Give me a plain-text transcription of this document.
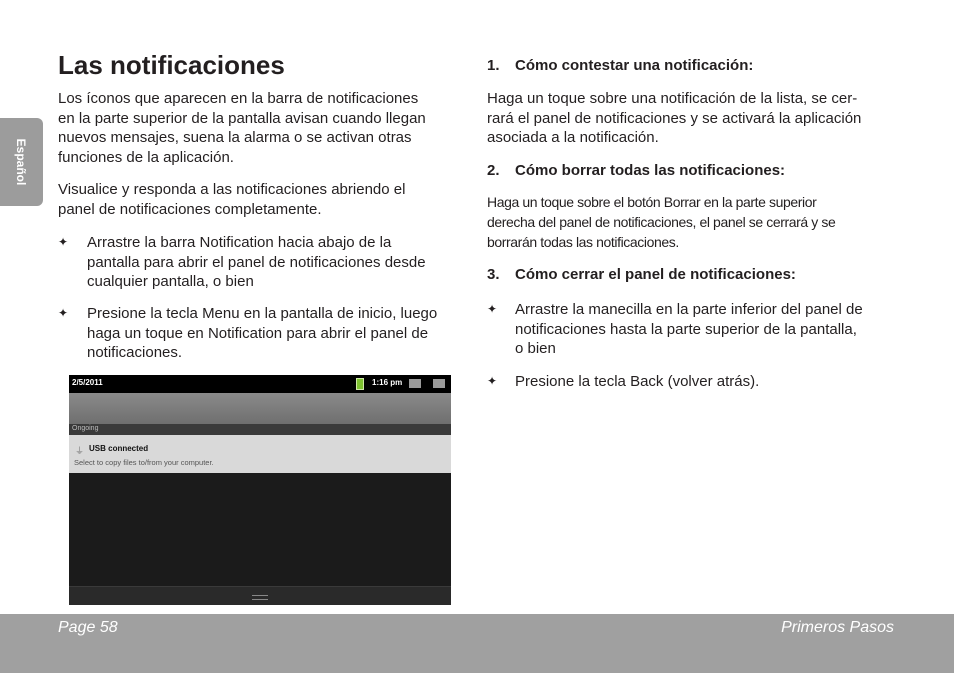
Español
Las notificaciones

Los íconos que aparecen en la barra de notificaciones
en la parte superior de la pantalla avisan cuando llegan
nuevos mensajes, suena la alarma o se activan otras
funciones de la aplicación.

Visualice y responda a las notificaciones abriendo el
panel de notificaciones completamente.

✦ Arrastre la barra Notification hacia abajo de la
pantalla para abrir el panel de notificaciones desde
cualquier pantalla, o bien
✦ Presione la tecla Menu en la pantalla de inicio, luego
haga un toque en Notification para abrir el panel de
notificaciones.
2/5/2011	1:16 pm
Ongoing
⏚ USB connected
Select to copy files to/from your computer.
1. Cómo contestar una notificación:

Haga un toque sobre una notificación de la lista, se cer-
rará el panel de notificaciones y se activará la aplicación
asociada a la notificación.

2. Cómo borrar todas las notificaciones:

Haga un toque sobre el botón Borrar en la parte superior
derecha del panel de notificaciones, el panel se cerrará y se
borrarán todas las notificaciones.

3. Cómo cerrar el panel de notificaciones:
✦ Arrastre la manecilla en la parte inferior del panel de
notificaciones hasta la parte superior de la pantalla,
o bien
✦ Presione la tecla Back (volver atrás).
Page 58	Primeros Pasos
